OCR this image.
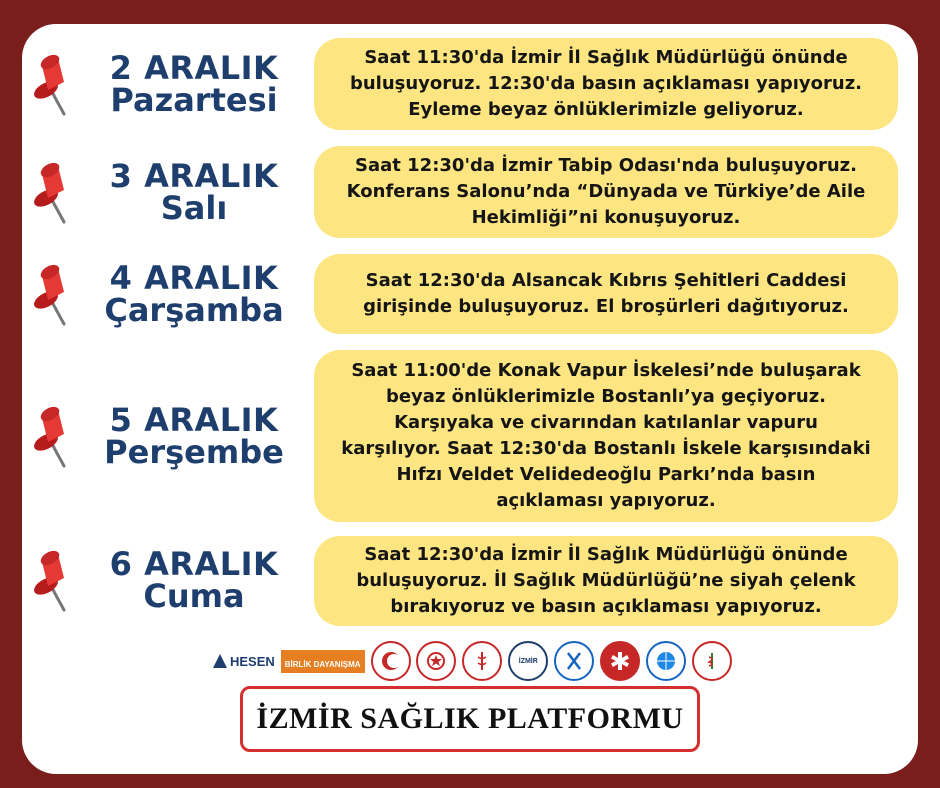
2 ARALIK
Pazartesi
Saat 11:30'da İzmir İl Sağlık Müdürlüğü önünde
buluşuyoruz. 12:30'da basın açıklaması yapıyoruz.
Eyleme beyaz önlüklerimizle geliyoruz.
3 ARALIK
Salı
Saat 12:30'da İzmir Tabip Odası'nda buluşuyoruz.
Konferans Salonu’nda “Dünyada ve Türkiye’de Aile
Hekimliği”ni konuşuyoruz.
4 ARALIK
Çarşamba
Saat 12:30'da Alsancak Kıbrıs Şehitleri Caddesi
girişinde buluşuyoruz. El broşürleri dağıtıyoruz.
5 ARALIK
Perşembe
Saat 11:00'de Konak Vapur İskelesi’nde buluşarak
beyaz önlüklerimizle Bostanlı’ya geçiyoruz.
Karşıyaka ve civarından katılanlar vapuru
karşılıyor. Saat 12:30'da Bostanlı İskele karşısındaki
Hıfzı Veldet Velidedeoğlu Parkı’nda basın
açıklaması yapıyoruz.
6 ARALIK
Cuma
Saat 12:30'da İzmir İl Sağlık Müdürlüğü önünde
buluşuyoruz. İl Sağlık Müdürlüğü’ne siyah çelenk
bırakıyoruz ve basın açıklaması yapıyoruz.
HESEN	BİRLİK DAYANIŞMA	İZMİR
İZMİR SAĞLIK PLATFORMU
